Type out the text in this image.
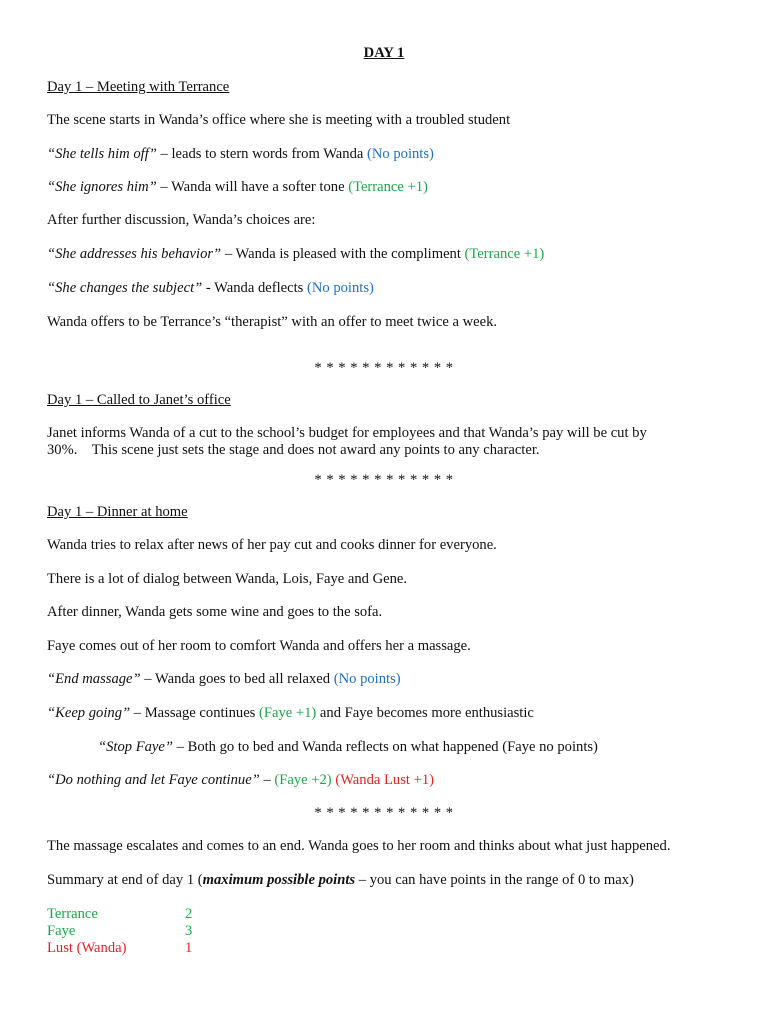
DAY 1
Day 1 – Meeting with Terrance
The scene starts in Wanda’s office where she is meeting with a troubled student
“She tells him off” – leads to stern words from Wanda (No points)
“She ignores him” – Wanda will have a softer tone (Terrance +1)
After further discussion, Wanda’s choices are:
“She addresses his behavior” – Wanda is pleased with the compliment (Terrance +1)
“She changes the subject” - Wanda deflects (No points)
Wanda offers to be Terrance’s “therapist” with an offer to meet twice a week.
* * * * * * * * * * * *
Day 1 – Called to Janet’s office
Janet informs Wanda of a cut to the school’s budget for employees and that Wanda’s pay will be cut by
30%.    This scene just sets the stage and does not award any points to any character.
* * * * * * * * * * * *
Day 1 – Dinner at home
Wanda tries to relax after news of her pay cut and cooks dinner for everyone.
There is a lot of dialog between Wanda, Lois, Faye and Gene.
After dinner, Wanda gets some wine and goes to the sofa.
Faye comes out of her room to comfort Wanda and offers her a massage.
“End massage” – Wanda goes to bed all relaxed (No points)
“Keep going” – Massage continues (Faye +1) and Faye becomes more enthusiastic
“Stop Faye” – Both go to bed and Wanda reflects on what happened (Faye no points)
“Do nothing and let Faye continue” – (Faye +2) (Wanda Lust +1)
* * * * * * * * * * * *
The massage escalates and comes to an end. Wanda goes to her room and thinks about what just happened.
Summary at end of day 1 (maximum possible points – you can have points in the range of 0 to max)
Terrance	2
Faye	3
Lust (Wanda)	1
